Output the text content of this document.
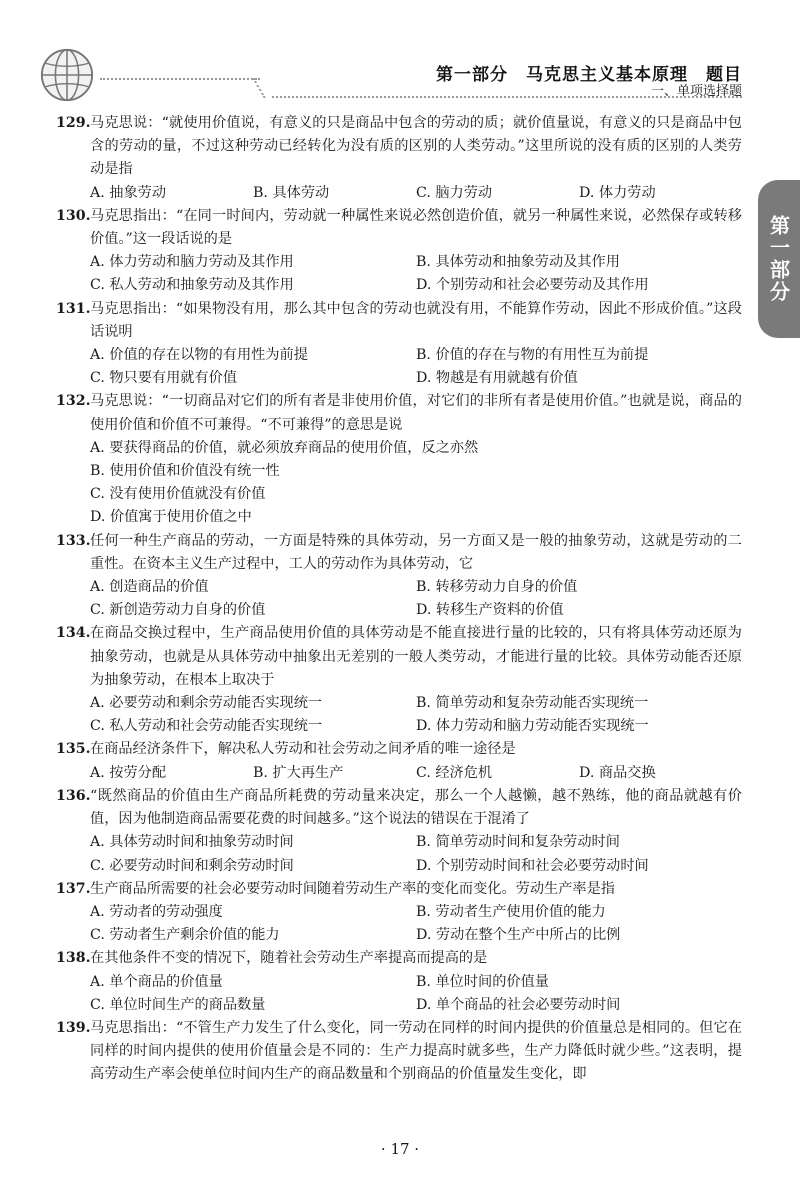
第一部分　马克思主义基本原理　题目
一、单项选择题
第一部分
129. 马克思说：“就使用价值说，有意义的只是商品中包含的劳动的质；就价值量说，有意义的只是商品中包含的劳动的量，不过这种劳动已经转化为没有质的区别的人类劳动。”这里所说的没有质的区别的人类劳动是指
A. 抽象劳动	B. 具体劳动	C. 脑力劳动	D. 体力劳动
130. 马克思指出：“在同一时间内，劳动就一种属性来说必然创造价值，就另一种属性来说，必然保存或转移价值。”这一段话说的是
A. 体力劳动和脑力劳动及其作用	B. 具体劳动和抽象劳动及其作用
C. 私人劳动和抽象劳动及其作用	D. 个别劳动和社会必要劳动及其作用
131. 马克思指出：“如果物没有用，那么其中包含的劳动也就没有用，不能算作劳动，因此不形成价值。”这段话说明
A. 价值的存在以物的有用性为前提	B. 价值的存在与物的有用性互为前提
C. 物只要有用就有价值	D. 物越是有用就越有价值
132. 马克思说：“一切商品对它们的所有者是非使用价值，对它们的非所有者是使用价值。”也就是说，商品的使用价值和价值不可兼得。“不可兼得”的意思是说
A. 要获得商品的价值，就必须放弃商品的使用价值，反之亦然
B. 使用价值和价值没有统一性
C. 没有使用价值就没有价值
D. 价值寓于使用价值之中
133. 任何一种生产商品的劳动，一方面是特殊的具体劳动，另一方面又是一般的抽象劳动，这就是劳动的二重性。在资本主义生产过程中，工人的劳动作为具体劳动，它
A. 创造商品的价值	B. 转移劳动力自身的价值
C. 新创造劳动力自身的价值	D. 转移生产资料的价值
134. 在商品交换过程中，生产商品使用价值的具体劳动是不能直接进行量的比较的，只有将具体劳动还原为抽象劳动，也就是从具体劳动中抽象出无差别的一般人类劳动，才能进行量的比较。具体劳动能否还原为抽象劳动，在根本上取决于
A. 必要劳动和剩余劳动能否实现统一	B. 简单劳动和复杂劳动能否实现统一
C. 私人劳动和社会劳动能否实现统一	D. 体力劳动和脑力劳动能否实现统一
135. 在商品经济条件下，解决私人劳动和社会劳动之间矛盾的唯一途径是
A. 按劳分配	B. 扩大再生产	C. 经济危机	D. 商品交换
136. “既然商品的价值由生产商品所耗费的劳动量来决定，那么一个人越懒，越不熟练，他的商品就越有价值，因为他制造商品需要花费的时间越多。”这个说法的错误在于混淆了
A. 具体劳动时间和抽象劳动时间	B. 简单劳动时间和复杂劳动时间
C. 必要劳动时间和剩余劳动时间	D. 个别劳动时间和社会必要劳动时间
137. 生产商品所需要的社会必要劳动时间随着劳动生产率的变化而变化。劳动生产率是指
A. 劳动者的劳动强度	B. 劳动者生产使用价值的能力
C. 劳动者生产剩余价值的能力	D. 劳动在整个生产中所占的比例
138. 在其他条件不变的情况下，随着社会劳动生产率提高而提高的是
A. 单个商品的价值量	B. 单位时间的价值量
C. 单位时间生产的商品数量	D. 单个商品的社会必要劳动时间
139. 马克思指出：“不管生产力发生了什么变化，同一劳动在同样的时间内提供的价值量总是相同的。但它在同样的时间内提供的使用价值量会是不同的：生产力提高时就多些，生产力降低时就少些。”这表明，提高劳动生产率会使单位时间内生产的商品数量和个别商品的价值量发生变化，即
· 17 ·
